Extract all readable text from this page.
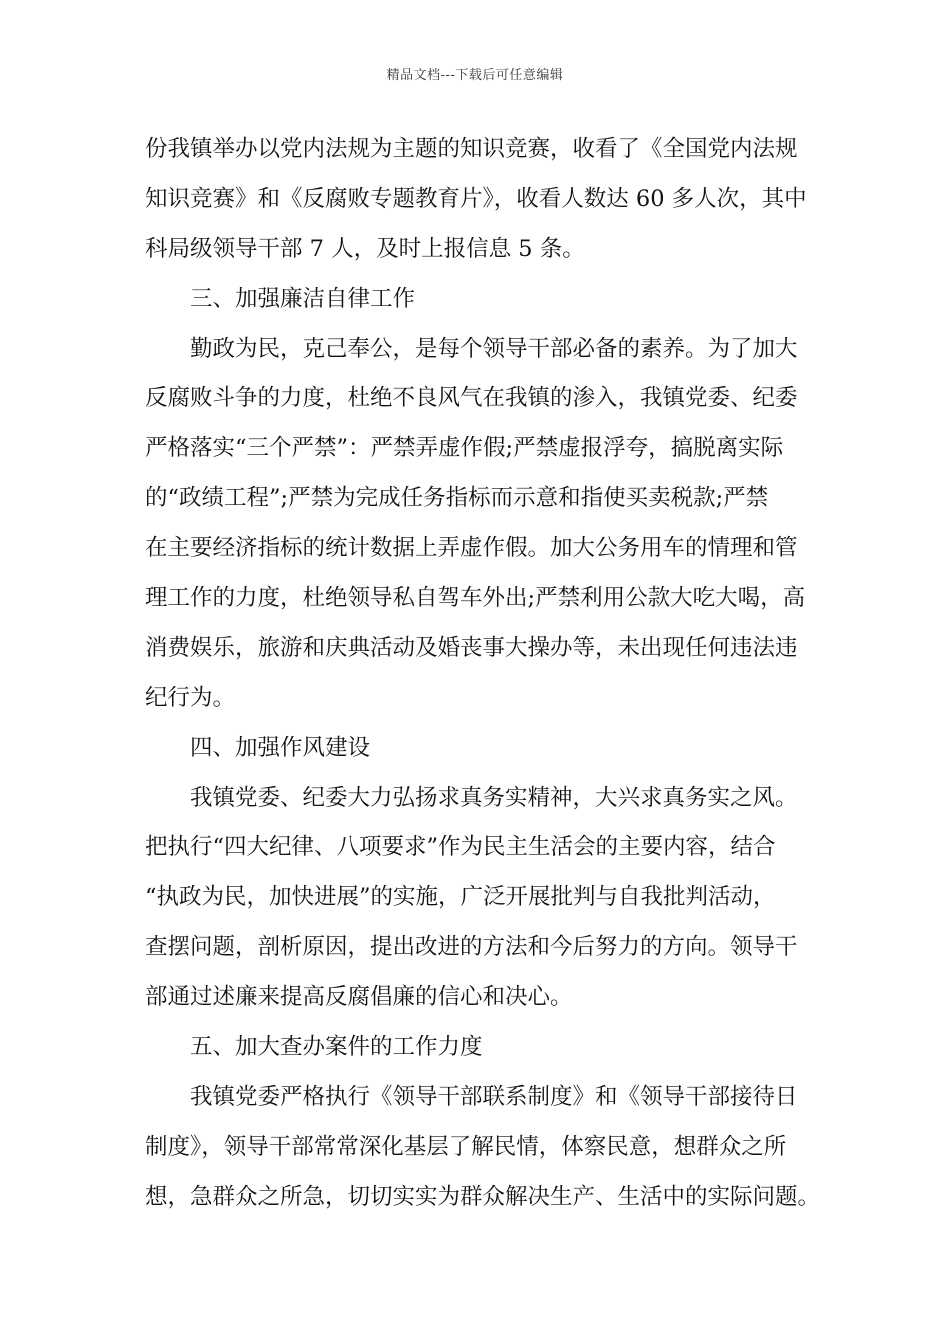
精品文档---下载后可任意编辑
份我镇举办以党内法规为主题的知识竞赛，收看了《全国党内法规
知识竞赛》和《反腐败专题教育片》，收看人数达 60 多人次，其中
科局级领导干部 7 人，及时上报信息 5 条。
三、加强廉洁自律工作
勤政为民，克己奉公，是每个领导干部必备的素养。为了加大
反腐败斗争的力度，杜绝不良风气在我镇的渗入，我镇党委、纪委
严格落实“三个严禁”：严禁弄虚作假;严禁虚报浮夸，搞脱离实际
的“政绩工程”;严禁为完成任务指标而示意和指使买卖税款;严禁
在主要经济指标的统计数据上弄虚作假。加大公务用车的情理和管
理工作的力度，杜绝领导私自驾车外出;严禁利用公款大吃大喝，高
消费娱乐，旅游和庆典活动及婚丧事大操办等，未出现任何违法违
纪行为。
四、加强作风建设
我镇党委、纪委大力弘扬求真务实精神，大兴求真务实之风。
把执行“四大纪律、八项要求”作为民主生活会的主要内容，结合
“执政为民，加快进展”的实施，广泛开展批判与自我批判活动，
查摆问题，剖析原因，提出改进的方法和今后努力的方向。领导干
部通过述廉来提高反腐倡廉的信心和决心。
五、加大查办案件的工作力度
我镇党委严格执行《领导干部联系制度》和《领导干部接待日
制度》，领导干部常常深化基层了解民情，体察民意，想群众之所
想，急群众之所急，切切实实为群众解决生产、生活中的实际问题。
